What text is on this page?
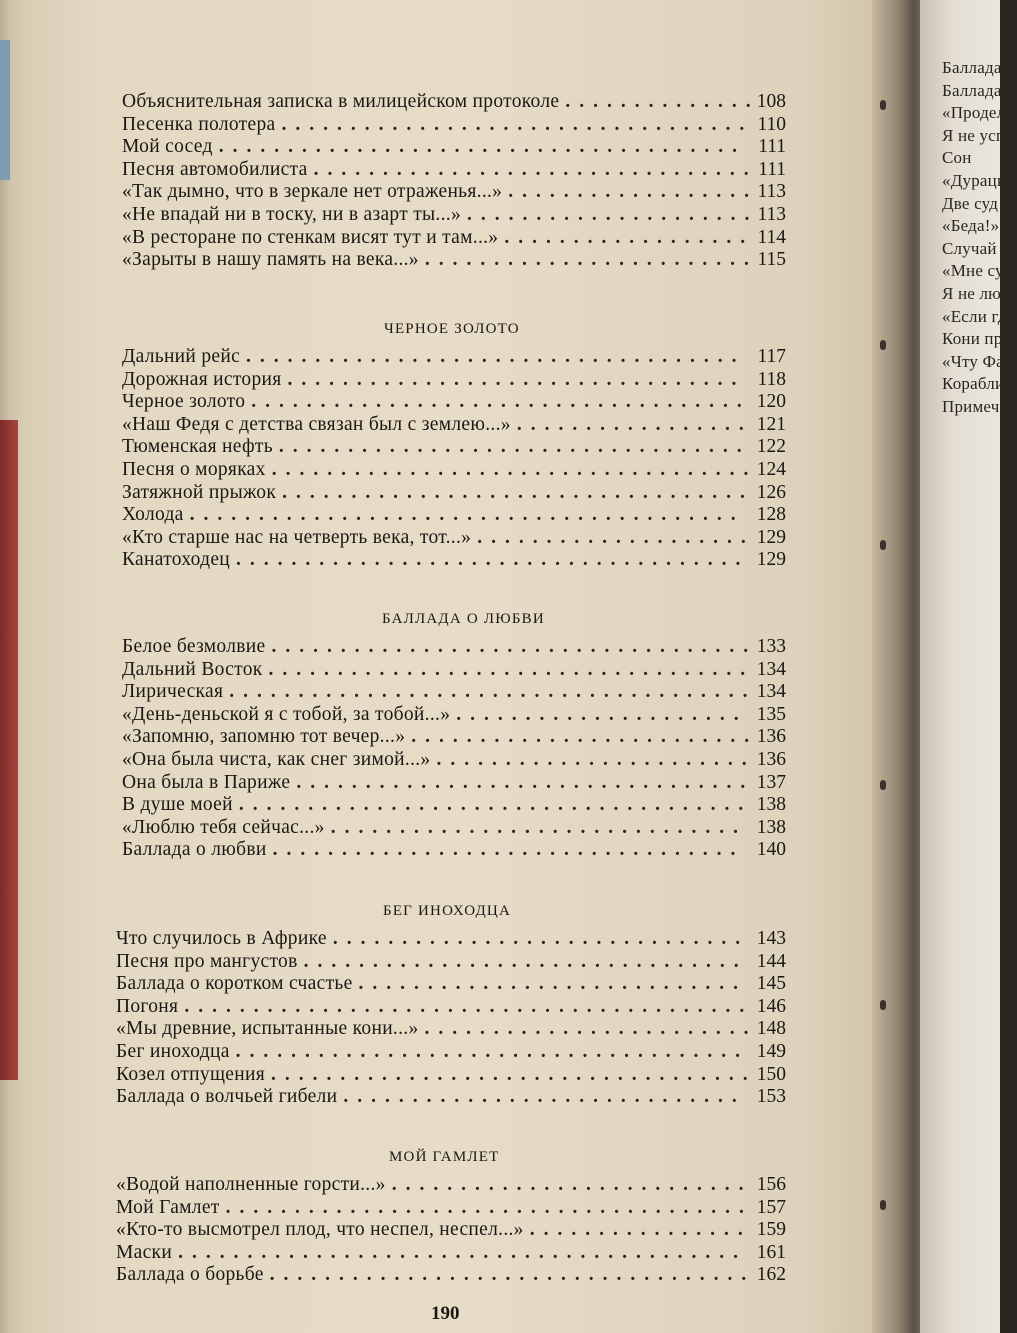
Баллада
Баллада
«Продел
Я не усп
Сон
«Дурацк
Две суд
«Беда!»
Случай
«Мне су
Я не лю
«Если гд
Кони пр
«Чту Фау
Корабли
Примечан
Объяснительная записка в милицейском протоколе ..............
108
Песенка полотера .................................. 110
Мой сосед ...................................... 111
Песня автомобилиста ................................ 111
«Так дымно, что в зеркале нет отраженья...» .................. 113
«Не впадай ни в тоску, ни в азарт ты...» ..................... 113
«В ресторане по стенкам висят тут и там...» .................. 114
«Зарыты в нашу память на века...» ........................ 115
ЧЕРНОЕ ЗОЛОТО
Дальний рейс .................................... 117
Дорожная история ................................. 118
Черное золото .................................... 120
«Наш Федя с детства связан был с землею...» ................. 121
Тюменская нефть .................................. 122
Песня о моряках ................................... 124
Затяжной прыжок .................................. 126
Холода ........................................ 128
«Кто старше нас на четверть века, тот...» .................... 129
Канатоходец ..................................... 129
БАЛЛАДА О ЛЮБВИ
Белое безмолвие ................................... 133
Дальний Восток ................................... 134
Лирическая ...................................... 134
«День-деньской я с тобой, за тобой...» ..................... 135
«Запомню, запомню тот вечер...» .........................
136
«Она была чиста, как снег зимой...» ....................... 136
Она была в Париже ................................. 137
В душе моей ..................................... 138
«Люблю тебя сейчас...» .............................. 138
Баллада о любви .................................. 140
БЕГ ИНОХОДЦА
Что случилось в Африке .............................. 143
Песня про мангустов ................................ 144
Баллада о коротком счастье ............................ 145
Погоня ......................................... 146
«Мы древние, испытанные кони...» ........................ 148
Бег иноходца ..................................... 149
Козел отпущения ................................... 150
Баллада о волчьей гибели ............................. 153
МОЙ ГАМЛЕТ
«Водой наполненные горсти...» .......................... 156
Мой Гамлет ...................................... 157
«Кто-то высмотрел плод, что неспел, неспел...» ................ 159
Маски ......................................... 161
Баллада о борьбе ................................... 162
190
